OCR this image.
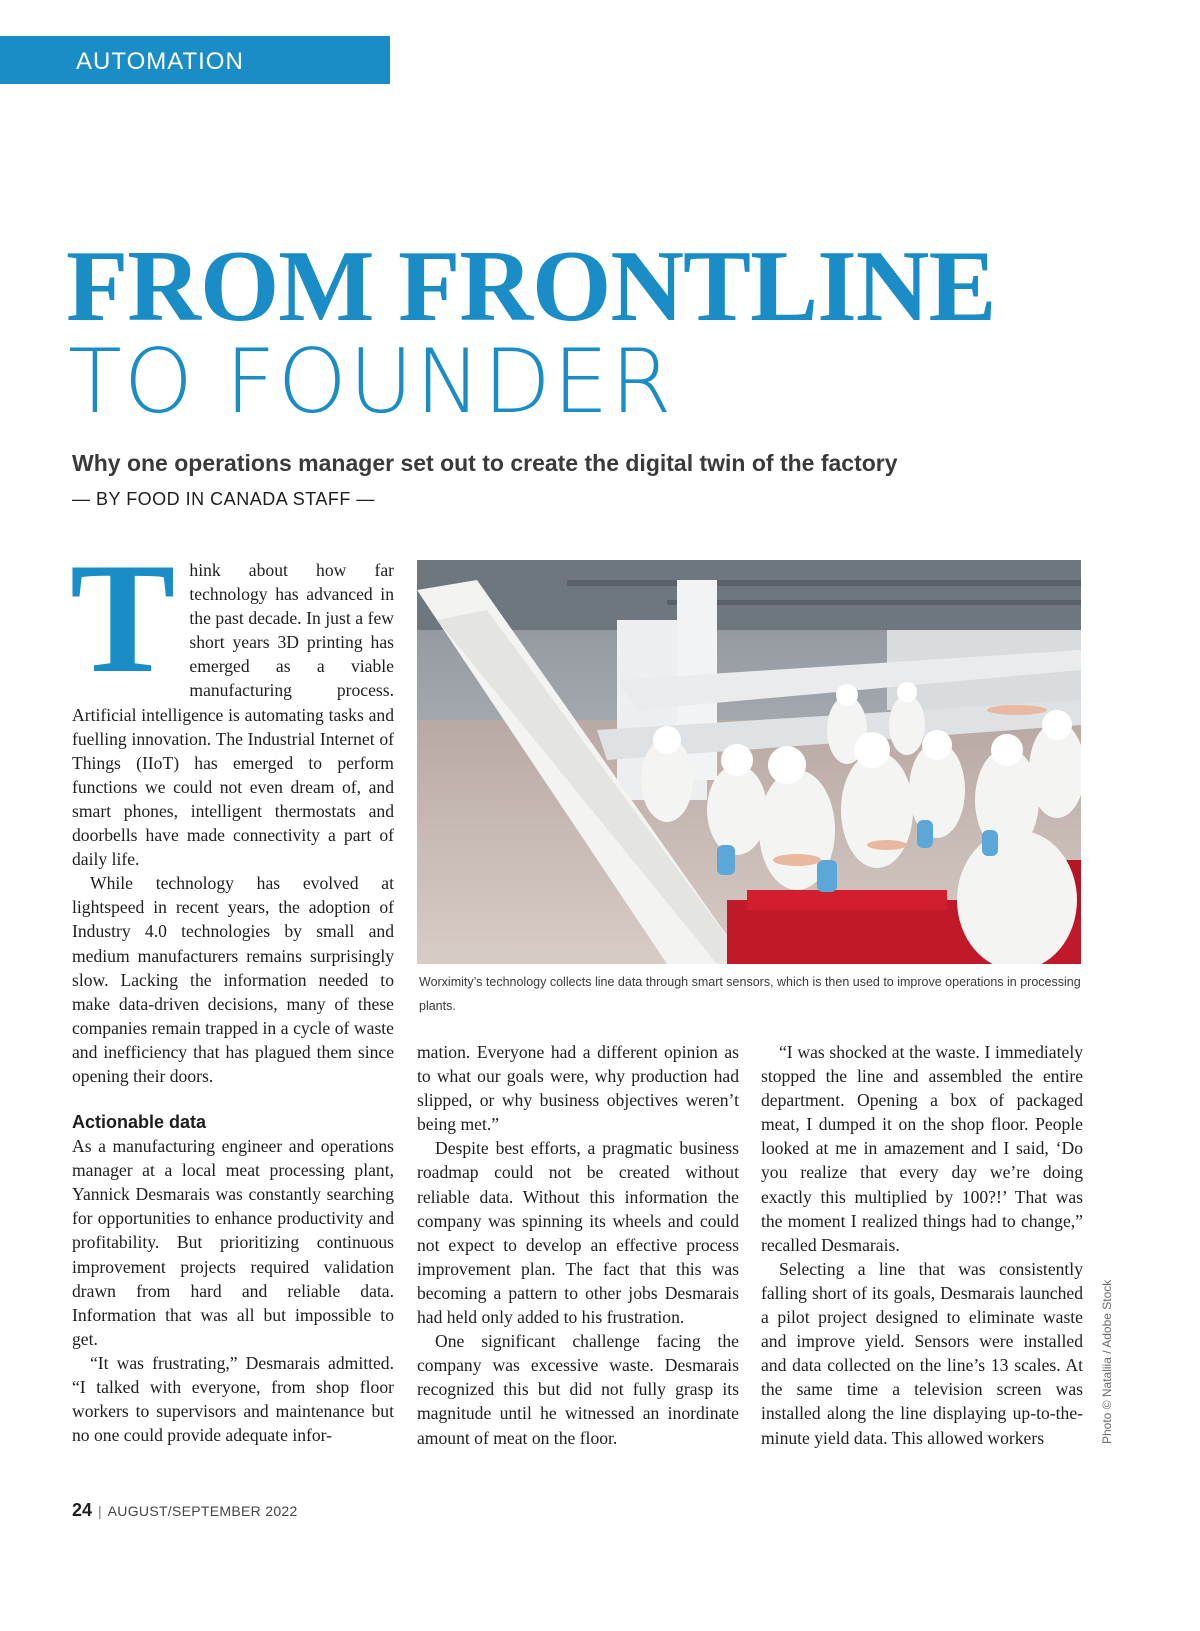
AUTOMATION
FROM FRONTLINE
TO FOUNDER
Why one operations manager set out to create the digital twin of the factory
— BY FOOD IN CANADA STAFF —
T hink about how far technology has advanced in the past decade. In just a few short years 3D printing has emerged as a viable manufacturing process. Artificial intelligence is automating tasks and fuelling innovation. The Industrial Internet of Things (IIoT) has emerged to perform functions we could not even dream of, and smart phones, intelligent thermostats and doorbells have made connectivity a part of daily life.

While technology has evolved at lightspeed in recent years, the adoption of Industry 4.0 technologies by small and medium manufacturers remains surprisingly slow. Lacking the information needed to make data-driven decisions, many of these companies remain trapped in a cycle of waste and inefficiency that has plagued them since opening their doors.

Actionable data

As a manufacturing engineer and operations manager at a local meat processing plant, Yannick Desmarais was constantly searching for opportunities to enhance productivity and profitability. But prioritizing continuous improvement projects required validation drawn from hard and reliable data. Information that was all but impossible to get.

“It was frustrating,” Desmarais admitted. “I talked with everyone, from shop floor workers to supervisors and maintenance but no one could provide adequate infor-

Worximity’s technology collects line data through smart sensors, which is then used to improve operations in processing plants.
Photo © Nataliia / Adobe Stock

mation. Everyone had a different opinion as to what our goals were, why production had slipped, or why business objectives weren’t being met.”

Despite best efforts, a pragmatic business roadmap could not be created without reliable data. Without this information the company was spinning its wheels and could not expect to develop an effective process improvement plan. The fact that this was becoming a pattern to other jobs Desmarais had held only added to his frustration.

One significant challenge facing the company was excessive waste. Desmarais recognized this but did not fully grasp its magnitude until he witnessed an inordinate amount of meat on the floor.

“I was shocked at the waste. I immediately stopped the line and assembled the entire department. Opening a box of packaged meat, I dumped it on the shop floor. People looked at me in amazement and I said, ‘Do you realize that every day we’re doing exactly this multiplied by 100?!’ That was the moment I realized things had to change,” recalled Desmarais.

Selecting a line that was consistently falling short of its goals, Desmarais launched a pilot project designed to eliminate waste and improve yield. Sensors were installed and data collected on the line’s 13 scales. At the same time a television screen was installed along the line displaying up-to-the-minute yield data. This allowed workers

24 | AUGUST/SEPTEMBER 2022
